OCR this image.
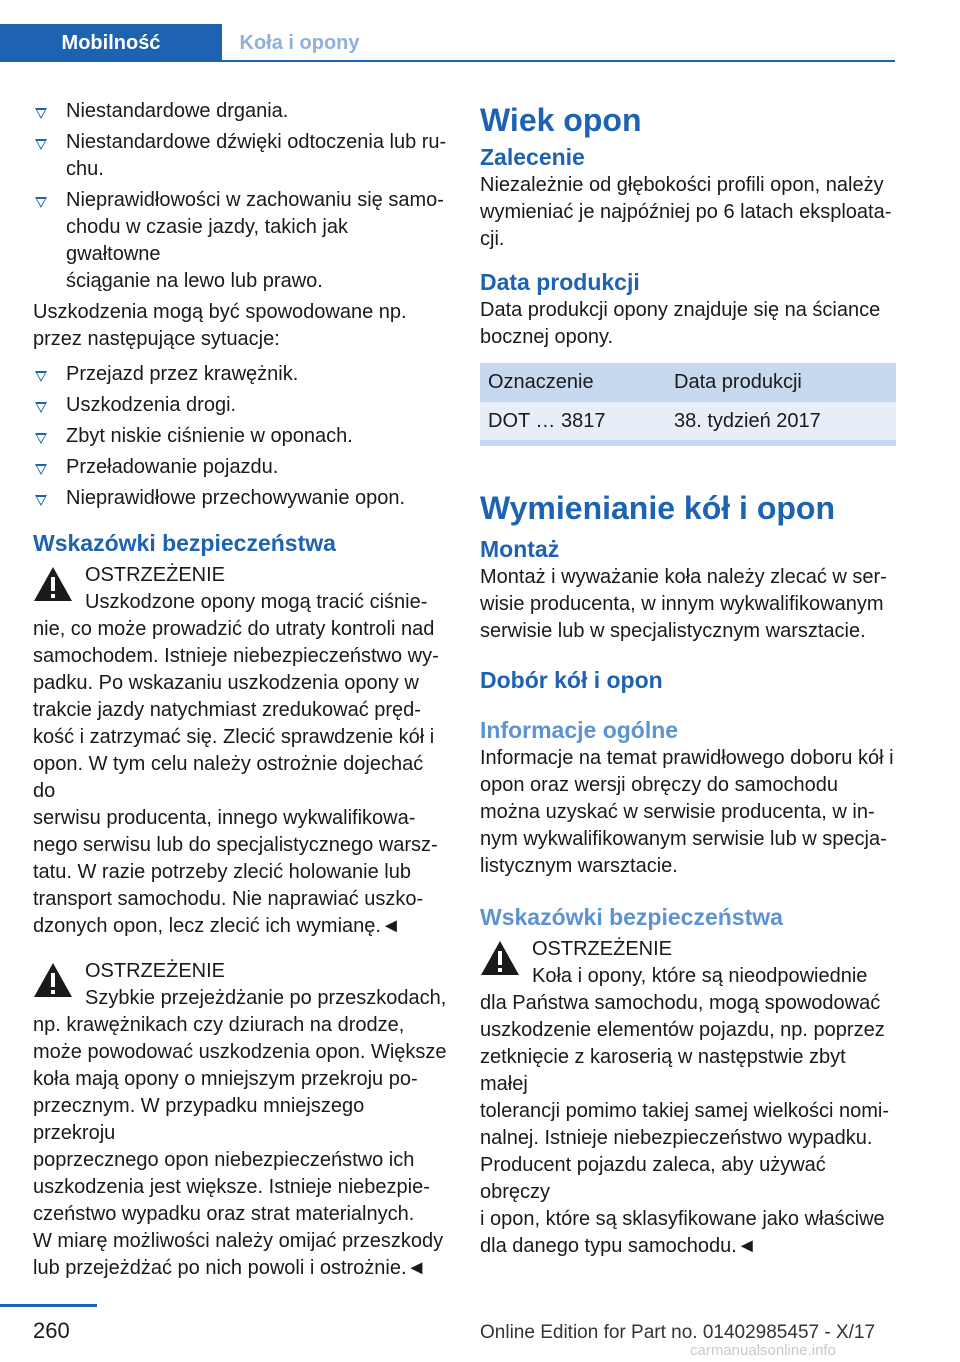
Mobilność	Koła i opony
Niestandardowe drgania.
Niestandardowe dźwięki odtoczenia lub ru-
chu.
Nieprawidłowości w zachowaniu się samo-
chodu w czasie jazdy, takich jak gwałtowne
ściąganie na lewo lub prawo.

Uszkodzenia mogą być spowodowane np.
przez następujące sytuacje:

Przejazd przez krawężnik.
Uszkodzenia drogi.
Zbyt niskie ciśnienie w oponach.
Przeładowanie pojazdu.
Nieprawidłowe przechowywanie opon.
Wskazówki bezpieczeństwa
OSTRZEŻENIE
Uszkodzone opony mogą tracić ciśnie-

nie, co może prowadzić do utraty kontroli nad
samochodem. Istnieje niebezpieczeństwo wy-
padku. Po wskazaniu uszkodzenia opony w
trakcie jazdy natychmiast zredukować pręd-
kość i zatrzymać się. Zlecić sprawdzenie kół i
opon. W tym celu należy ostrożnie dojechać do
serwisu producenta, innego wykwalifikowa-
nego serwisu lub do specjalistycznego warsz-
tatu. W razie potrzeby zlecić holowanie lub
transport samochodu. Nie naprawiać uszko-
dzonych opon, lecz zlecić ich wymianę.◄

OSTRZEŻENIE
Szybkie przejeżdżanie po przeszkodach,

np. krawężnikach czy dziurach na drodze,
może powodować uszkodzenia opon. Większe
koła mają opony o mniejszym przekroju po-
przecznym. W przypadku mniejszego przekroju
poprzecznego opon niebezpieczeństwo ich
uszkodzenia jest większe. Istnieje niebezpie-
czeństwo wypadku oraz strat materialnych.
W miarę możliwości należy omijać przeszkody
lub przejeżdżać po nich powoli i ostrożnie.◄

Wiek opon
Zalecenie

Niezależnie od głębokości profili opon, należy
wymieniać je najpóźniej po 6 latach eksploata-
cji.

Data produkcji

Data produkcji opony znajduje się na ściance
bocznej opony.

Oznaczenie	Data produkcji
DOT … 3817	38. tydzień 2017

Wymienianie kół i opon
Montaż

Montaż i wyważanie koła należy zlecać w ser-
wisie producenta, w innym wykwalifikowanym
serwisie lub w specjalistycznym warsztacie.

Dobór kół i opon
Informacje ogólne

Informacje na temat prawidłowego doboru kół i
opon oraz wersji obręczy do samochodu
można uzyskać w serwisie producenta, w in-
nym wykwalifikowanym serwisie lub w specja-
listycznym warsztacie.

Wskazówki bezpieczeństwa
OSTRZEŻENIE
Koła i opony, które są nieodpowiednie

dla Państwa samochodu, mogą spowodować
uszkodzenie elementów pojazdu, np. poprzez
zetknięcie z karoserią w następstwie zbyt małej
tolerancji pomimo takiej samej wielkości nomi-
nalnej. Istnieje niebezpieczeństwo wypadku.
Producent pojazdu zaleca, aby używać obręczy
i opon, które są sklasyfikowane jako właściwe
dla danego typu samochodu.◄

260	Online Edition for Part no. 01402985457 - X/17
carmanualsonline.info
